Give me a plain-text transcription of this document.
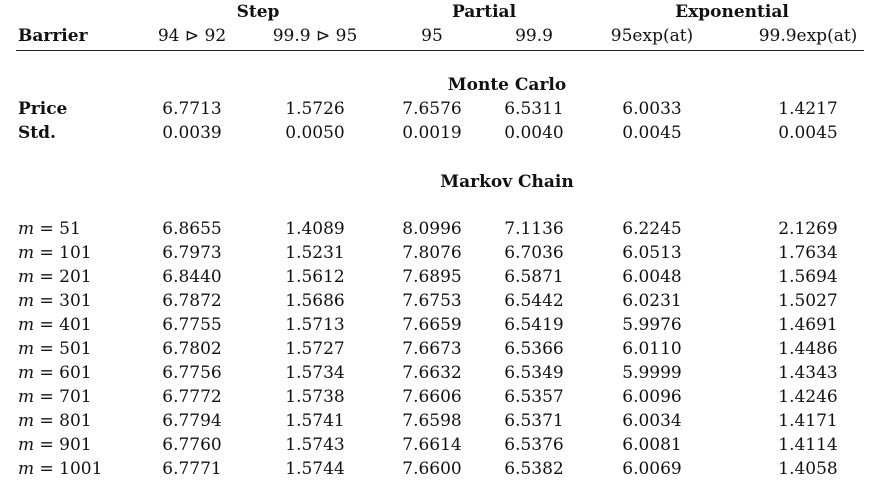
Step	Partial	Exponential
Barrier	94 ⊳ 92	99.9 ⊳ 95	95	99.9	95exp(at)	99.9exp(at)
Monte Carlo
Price	6.7713	1.5726	7.6576	6.5311	6.0033	1.4217
Std.	0.0039	0.0050	0.0019	0.0040	0.0045	0.0045
Markov Chain
m = 51	6.8655	1.4089	8.0996	7.1136	6.2245	2.1269
m = 101	6.7973	1.5231	7.8076	6.7036	6.0513	1.7634
m = 201	6.8440	1.5612	7.6895	6.5871	6.0048	1.5694
m = 301	6.7872	1.5686	7.6753	6.5442	6.0231	1.5027
m = 401	6.7755	1.5713	7.6659	6.5419	5.9976	1.4691
m = 501	6.7802	1.5727	7.6673	6.5366	6.0110	1.4486
m = 601	6.7756	1.5734	7.6632	6.5349	5.9999	1.4343
m = 701	6.7772	1.5738	7.6606	6.5357	6.0096	1.4246
m = 801	6.7794	1.5741	7.6598	6.5371	6.0034	1.4171
m = 901	6.7760	1.5743	7.6614	6.5376	6.0081	1.4114
m = 1001	6.7771	1.5744	7.6600	6.5382	6.0069	1.4058
